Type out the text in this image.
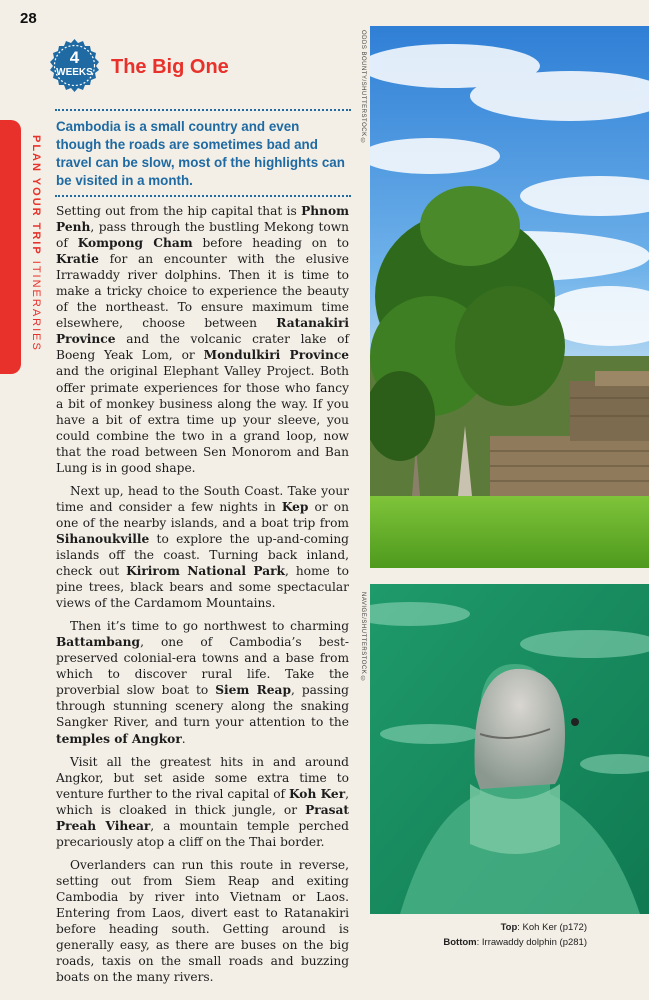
28
PLAN YOUR TRIP ITINERARIES
4
WEEKS The Big One
Cambodia is a small country and even though the roads are sometimes bad and travel can be slow, most of the highlights can be visited in a month.

Setting out from the hip capital that is Phnom Penh, pass through the bustling Mekong town of Kompong Cham before heading on to Kratie for an encounter with the elusive Irrawaddy river dolphins. Then it is time to make a tricky choice to experience the beauty of the northeast. To ensure maximum time elsewhere, choose between Ratanakiri Province and the volcanic crater lake of Boeng Yeak Lom, or Mondulkiri Province and the original Elephant Valley Project. Both offer primate experiences for those who fancy a bit of monkey business along the way. If you have a bit of extra time up your sleeve, you could combine the two in a grand loop, now that the road between Sen Monorom and Ban Lung is in good shape.

Next up, head to the South Coast. Take your time and consider a few nights in Kep or on one of the nearby islands, and a boat trip from Sihanoukville to explore the up-and-coming islands off the coast. Turning back inland, check out Kirirom National Park, home to pine trees, black bears and some spectacular views of the Cardamom Mountains.

Then it’s time to go northwest to charming Battambang, one of Cambodia’s best-preserved colonial-era towns and a base from which to discover rural life. Take the proverbial slow boat to Siem Reap, passing through stunning scenery along the snaking Sangker River, and turn your attention to the temples of Angkor.

Visit all the greatest hits in and around Angkor, but set aside some extra time to venture further to the rival capital of Koh Ker, which is cloaked in thick jungle, or Prasat Preah Vihear, a mountain temple perched precariously atop a cliff on the Thai border.

Overlanders can run this route in reverse, setting out from Siem Reap and exiting Cambodia by river into Vietnam or Laos. Entering from Laos, divert east to Ratanakiri before heading south. Getting around is generally easy, as there are buses on the big roads, taxis on the small roads and buzzing boats on the many rivers.

ODDS BOUNTY/SHUTTERSTOCK ©
NAVIGE/SHUTTERSTOCK ©
Top: Koh Ker (p172)
Bottom: Irrawaddy dolphin (p281)
